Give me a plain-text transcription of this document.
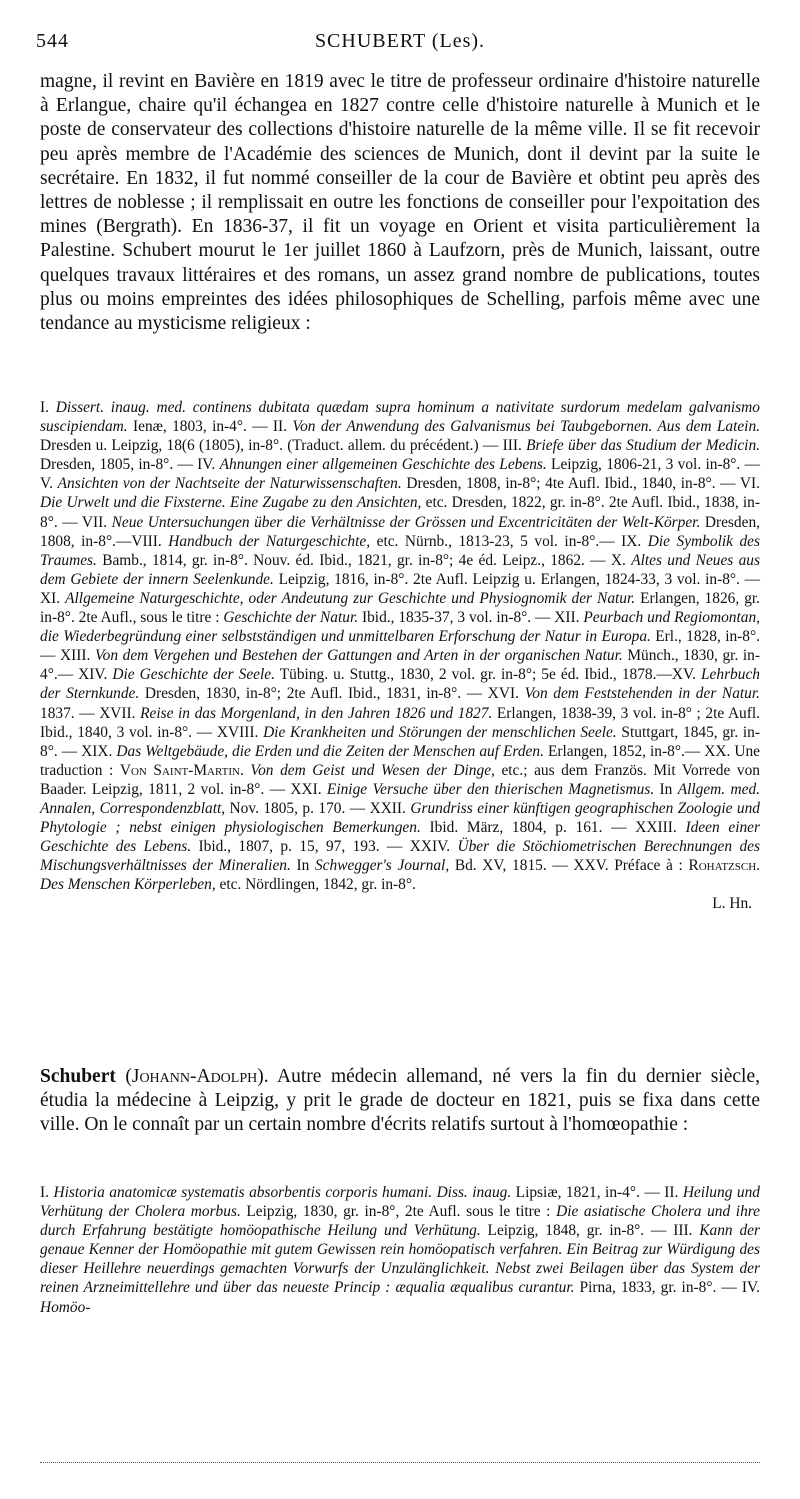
544	SCHUBERT (Les).

magne, il revint en Bavière en 1819 avec le titre de professeur ordinaire d'histoire naturelle à Erlangue, chaire qu'il échangea en 1827 contre celle d'histoire naturelle à Munich et le poste de conservateur des collections d'histoire naturelle de la même ville. Il se fit recevoir peu après membre de l'Académie des sciences de Munich, dont il devint par la suite le secrétaire. En 1832, il fut nommé conseiller de la cour de Bavière et obtint peu après des lettres de noblesse ; il remplissait en outre les fonctions de conseiller pour l'expoitation des mines (Bergrath). En 1836-37, il fit un voyage en Orient et visita particulièrement la Palestine. Schubert mourut le 1er juillet 1860 à Laufzorn, près de Munich, laissant, outre quelques travaux littéraires et des romans, un assez grand nombre de publications, toutes plus ou moins empreintes des idées philosophiques de Schelling, parfois même avec une tendance au mysticisme religieux :

I. Dissert. inaug. med. continens dubitata quædam supra hominum a nativitate surdorum medelam galvanismo suscipiendam. Ienæ, 1803, in-4°. — II. Von der Anwendung des Galvanismus bei Taubgebornen. Aus dem Latein. Dresden u. Leipzig, 18(6 (1805), in-8°. (Traduct. allem. du précédent.) — III. Briefe über das Studium der Medicin. Dresden, 1805, in-8°. — IV. Ahnungen einer allgemeinen Geschichte des Lebens. Leipzig, 1806-21, 3 vol. in-8°. — V. Ansichten von der Nachtseite der Naturwissenschaften. Dresden, 1808, in-8°; 4te Aufl. Ibid., 1840, in-8°. — VI. Die Urwelt und die Fixsterne. Eine Zugabe zu den Ansichten, etc. Dresden, 1822, gr. in-8°. 2te Aufl. Ibid., 1838, in-8°. — VII. Neue Untersuchungen über die Verhältnisse der Grössen und Excentricitäten der Welt-Körper. Dresden, 1808, in-8°.—VIII. Handbuch der Naturgeschichte, etc. Nürnb., 1813-23, 5 vol. in-8°.— IX. Die Symbolik des Traumes. Bamb., 1814, gr. in-8°. Nouv. éd. Ibid., 1821, gr. in-8°; 4e éd. Leipz., 1862. — X. Altes und Neues aus dem Gebiete der innern Seelenkunde. Leipzig, 1816, in-8°. 2te Aufl. Leipzig u. Erlangen, 1824-33, 3 vol. in-8°. — XI. Allgemeine Naturgeschichte, oder Andeutung zur Geschichte und Physiognomik der Natur. Erlangen, 1826, gr. in-8°. 2te Aufl., sous le titre : Geschichte der Natur. Ibid., 1835-37, 3 vol. in-8°. — XII. Peurbach und Regiomontan, die Wiederbegründung einer selbstständigen und unmittelbaren Erforschung der Natur in Europa. Erl., 1828, in-8°. — XIII. Von dem Vergehen und Bestehen der Gattungen and Arten in der organischen Natur. Münch., 1830, gr. in-4°.— XIV. Die Geschichte der Seele. Tübing. u. Stuttg., 1830, 2 vol. gr. in-8°; 5e éd. Ibid., 1878.—XV. Lehrbuch der Sternkunde. Dresden, 1830, in-8°; 2te Aufl. Ibid., 1831, in-8°. — XVI. Von dem Feststehenden in der Natur. 1837. — XVII. Reise in das Morgenland, in den Jahren 1826 und 1827. Erlangen, 1838-39, 3 vol. in-8° ; 2te Aufl. Ibid., 1840, 3 vol. in-8°. — XVIII. Die Krankheiten und Störungen der menschlichen Seele. Stuttgart, 1845, gr. in-8°. — XIX. Das Weltgebäude, die Erden und die Zeiten der Menschen auf Erden. Erlangen, 1852, in-8°.— XX. Une traduction : Von Saint-Martin. Von dem Geist und Wesen der Dinge, etc.; aus dem Französ. Mit Vorrede von Baader. Leipzig, 1811, 2 vol. in-8°. — XXI. Einige Versuche über den thierischen Magnetismus. In Allgem. med. Annalen, Correspondenzblatt, Nov. 1805, p. 170. — XXII. Grundriss einer künftigen geographischen Zoologie und Phytologie ; nebst einigen physiologischen Bemerkungen. Ibid. März, 1804, p. 161. — XXIII. Ideen einer Geschichte des Lebens. Ibid., 1807, p. 15, 97, 193. — XXIV. Über die Stöchiometrischen Berechnungen des Mischungsverhältnisses der Mineralien. In Schwegger's Journal, Bd. XV, 1815. — XXV. Préface à : Rohatzsch. Des Menschen Körperleben, etc. Nördlingen, 1842, gr. in-8°.

L. Hn.

Schubert (Johann-Adolph). Autre médecin allemand, né vers la fin du dernier siècle, étudia la médecine à Leipzig, y prit le grade de docteur en 1821, puis se fixa dans cette ville. On le connaît par un certain nombre d'écrits relatifs surtout à l'homœopathie :

I. Historia anatomicæ systematis absorbentis corporis humani. Diss. inaug. Lipsiæ, 1821, in-4°. — II. Heilung und Verhütung der Cholera morbus. Leipzig, 1830, gr. in-8°, 2te Aufl. sous le titre : Die asiatische Cholera und ihre durch Erfahrung bestätigte homöopathische Heilung und Verhütung. Leipzig, 1848, gr. in-8°. — III. Kann der genaue Kenner der Homöopathie mit gutem Gewissen rein homöopatisch verfahren. Ein Beitrag zur Würdigung des dieser Heillehre neuerdings gemachten Vorwurfs der Unzulänglichkeit. Nebst zwei Beilagen über das System der reinen Arzneimittellehre und über das neueste Princip : æqualia æqualibus curantur. Pirna, 1833, gr. in-8°. — IV. Homöo-
